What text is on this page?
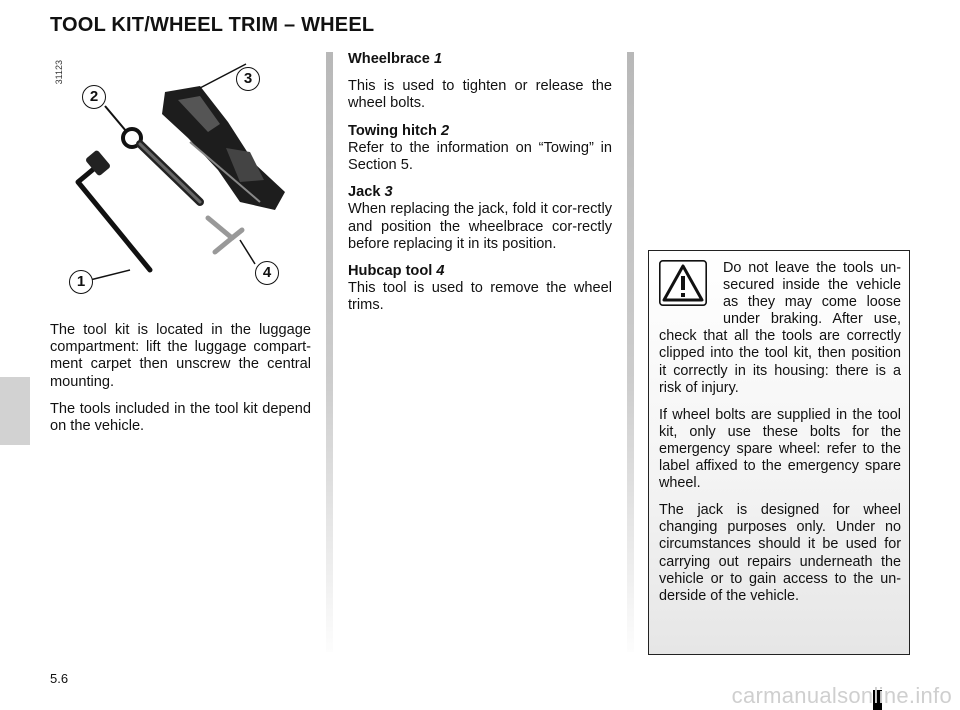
TOOL KIT/WHEEL TRIM – WHEEL
31123
1
2
3
4

The tool kit is located in the luggage compartment: lift the luggage compart-ment carpet then unscrew the central mounting.

The tools included in the tool kit depend on the vehicle.

Wheelbrace 1

This is used to tighten or release the wheel bolts.

Towing hitch 2
Refer to the information on “Towing” in Section 5.

Jack 3
When replacing the jack, fold it cor-rectly and position the wheelbrace cor-rectly before replacing it in its position.

Hubcap tool 4
This tool is used to remove the wheel trims.

Do not leave the tools un-secured inside the vehicle as they may come loose under braking. After use, check that all the tools are correctly clipped into the tool kit, then position it correctly in its housing: there is a risk of injury.

If wheel bolts are supplied in the tool kit, only use these bolts for the emergency spare wheel: refer to the label affixed to the emergency spare wheel.

The jack is designed for wheel changing purposes only. Under no circumstances should it be used for carrying out repairs underneath the vehicle or to gain access to the un-derside of the vehicle.

5.6
carmanualsonline.info
